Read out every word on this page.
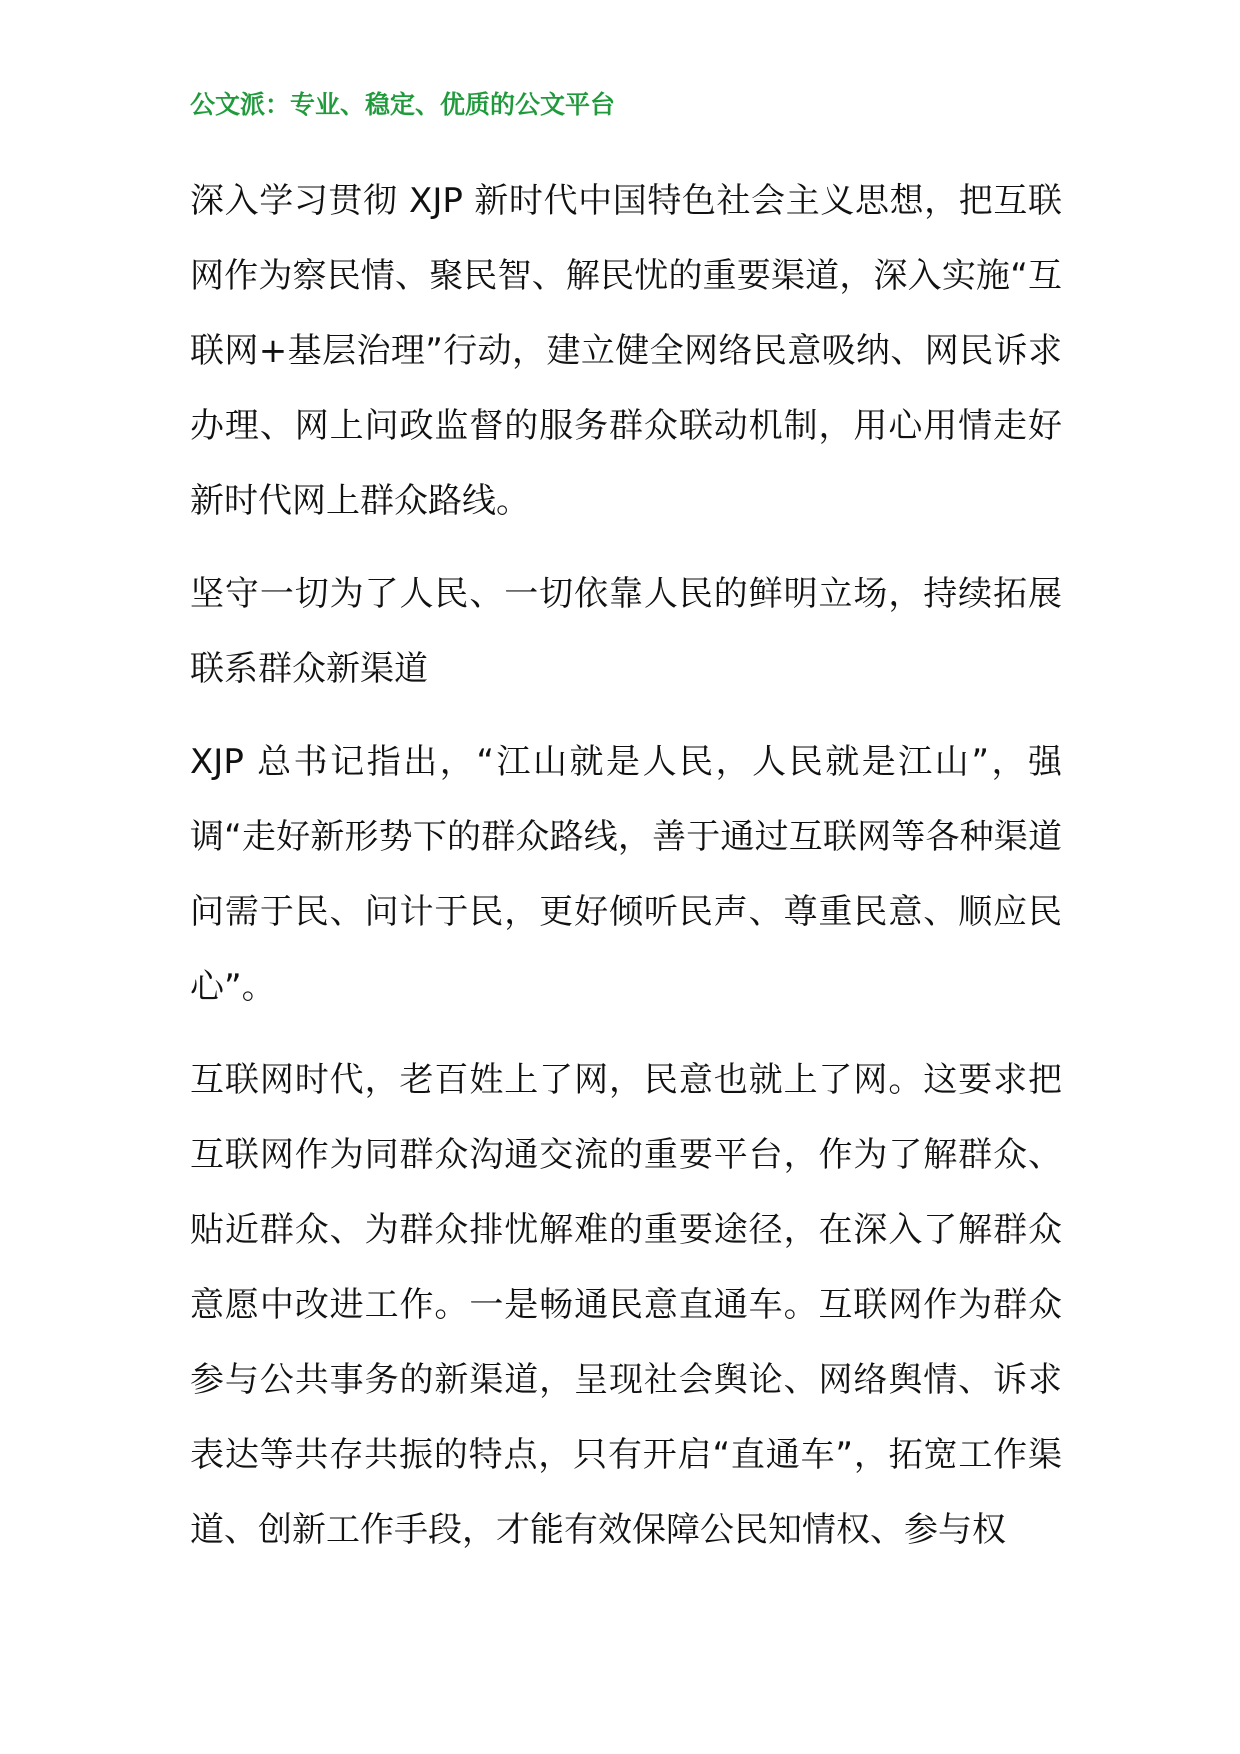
公文派：专业、稳定、优质的公文平台

深入学习贯彻 XJP 新时代中国特色社会主义思想，把互联网作为察民情、聚民智、解民忧的重要渠道，深入实施“互联网+基层治理”行动，建立健全网络民意吸纳、网民诉求办理、网上问政监督的服务群众联动机制，用心用情走好新时代网上群众路线。

坚守一切为了人民、一切依靠人民的鲜明立场，持续拓展联系群众新渠道

XJP 总书记指出，“江山就是人民，人民就是江山”，强调“走好新形势下的群众路线，善于通过互联网等各种渠道问需于民、问计于民，更好倾听民声、尊重民意、顺应民心”。

互联网时代，老百姓上了网，民意也就上了网。这要求把互联网作为同群众沟通交流的重要平台，作为了解群众、贴近群众、为群众排忧解难的重要途径，在深入了解群众意愿中改进工作。一是畅通民意直通车。互联网作为群众参与公共事务的新渠道，呈现社会舆论、网络舆情、诉求表达等共存共振的特点，只有开启“直通车”，拓宽工作渠道、创新工作手段，才能有效保障公民知情权、参与权
